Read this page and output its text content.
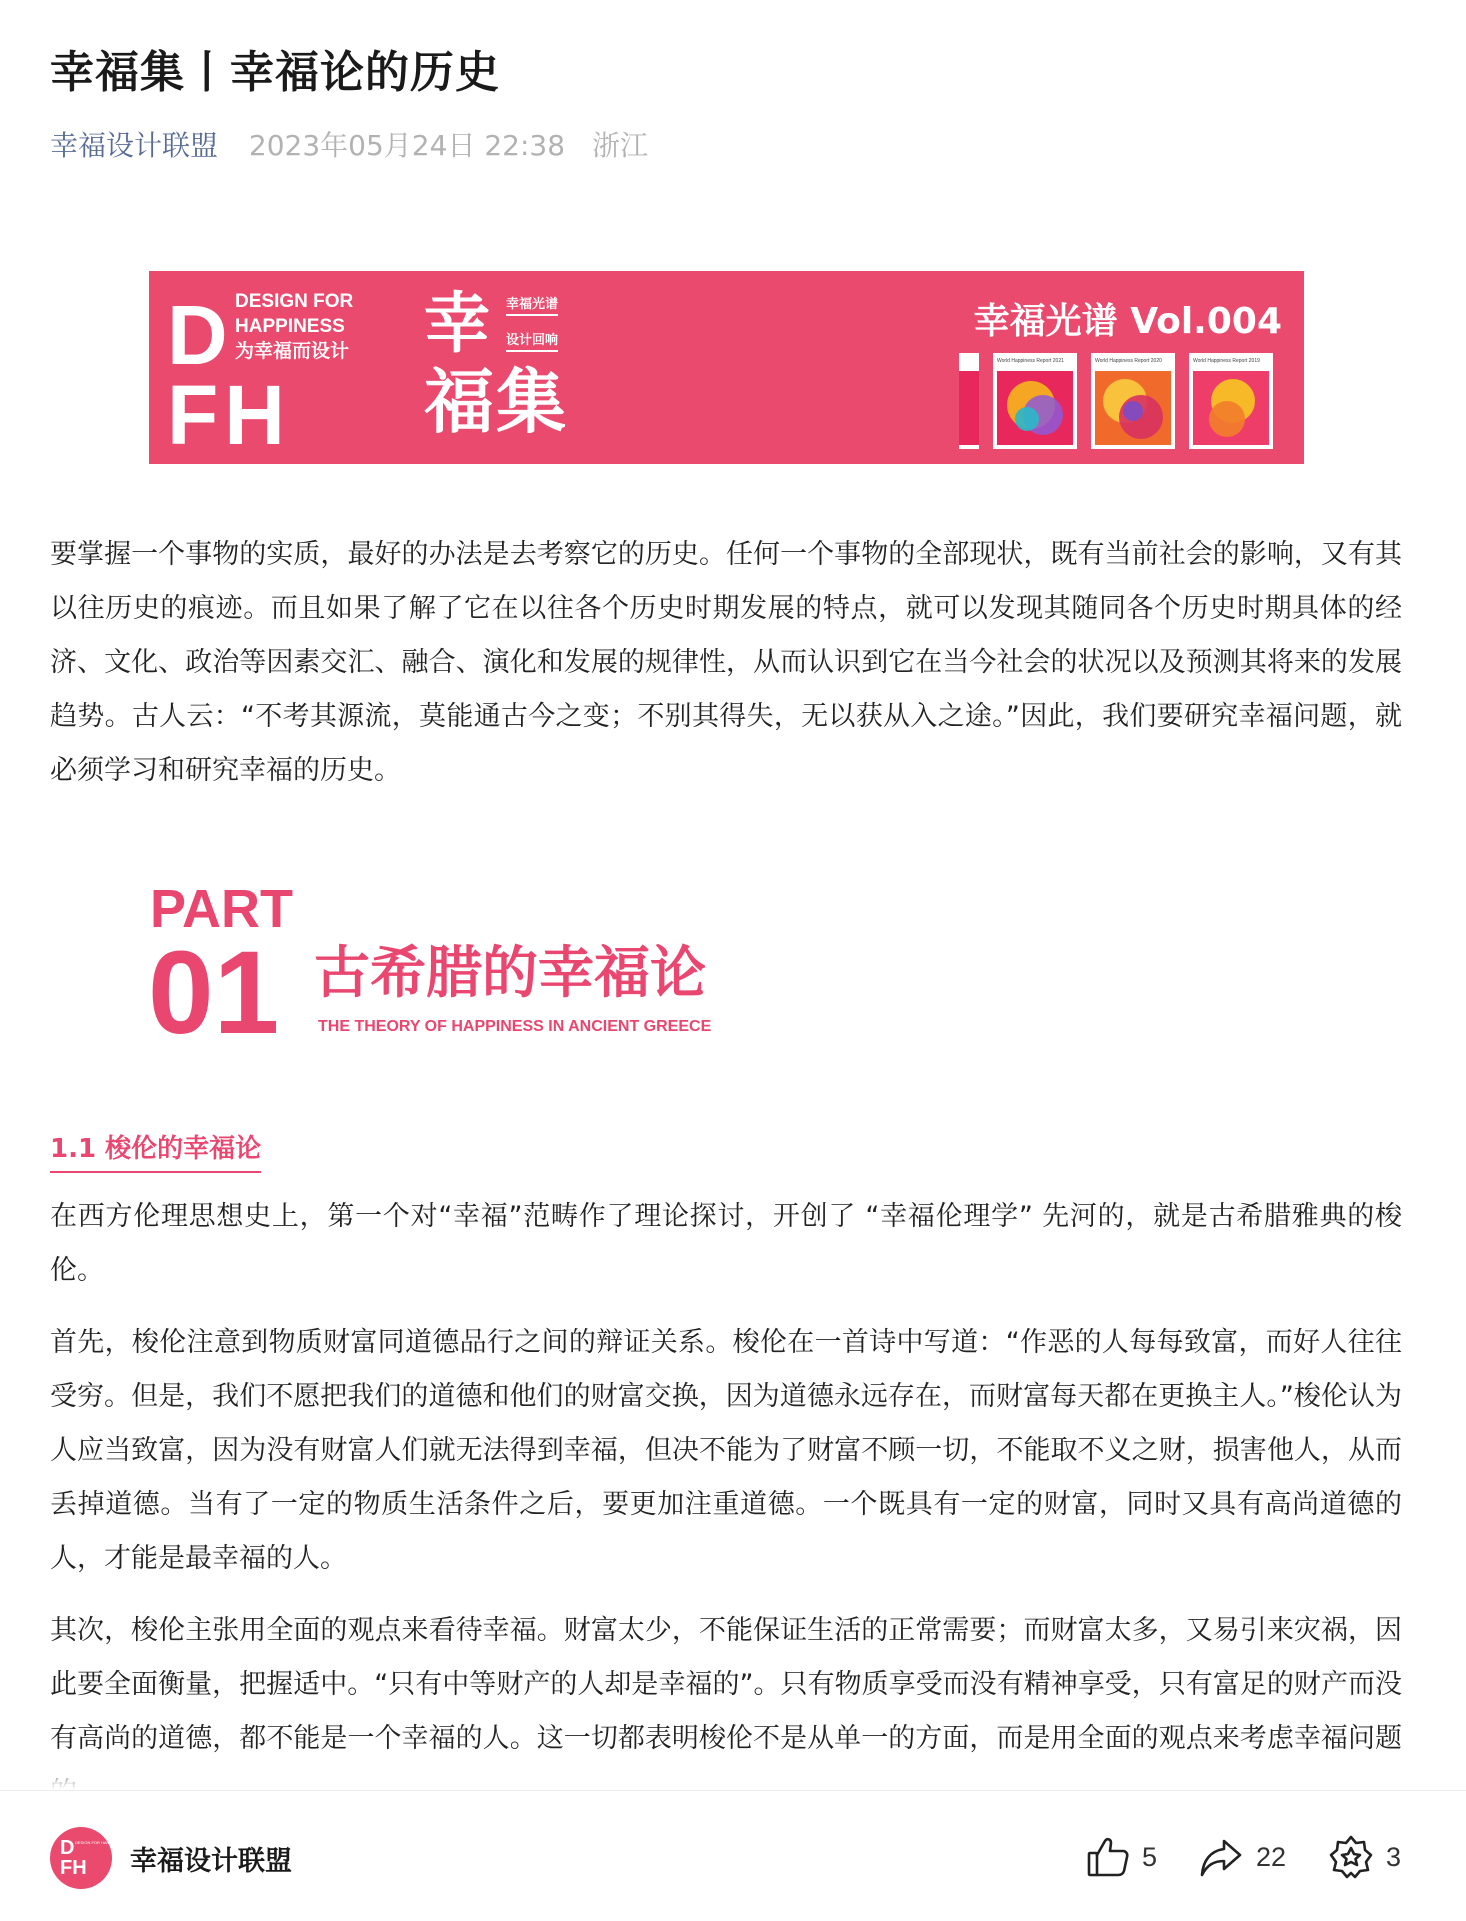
幸福集丨幸福论的历史
幸福设计联盟 2023年05月24日 22:38 浙江
D
FH
DESIGN FOR
HAPPINESS
为幸福而设计 幸
福集
幸福光谱
设计回响	幸福光谱 Vol.004
World Happiness Report 2021	World Happiness Report 2020	World Happiness Report 2019
要掌握一个事物的实质，最好的办法是去考察它的历史。任何一个事物的全部现状，既有当前社会的影响，又有其以往历史的痕迹。而且如果了解了它在以往各个历史时期发展的特点，就可以发现其随同各个历史时期具体的经济、文化、政治等因素交汇、融合、演化和发展的规律性，从而认识到它在当今社会的状况以及预测其将来的发展趋势。古人云：“不考其源流，莫能通古今之变；不别其得失，无以获从入之途。”因此，我们要研究幸福问题，就必须学习和研究幸福的历史。
PART
01 古希腊的幸福论
THE THEORY OF HAPPINESS IN ANCIENT GREECE
1.1 梭伦的幸福论
在西方伦理思想史上，第一个对“幸福”范畴作了理论探讨，开创了 “幸福伦理学” 先河的，就是古希腊雅典的梭伦。
首先，梭伦注意到物质财富同道德品行之间的辩证关系。梭伦在一首诗中写道：“作恶的人每每致富，而好人往往受穷。但是，我们不愿把我们的道德和他们的财富交换，因为道德永远存在，而财富每天都在更换主人。”梭伦认为人应当致富，因为没有财富人们就无法得到幸福，但决不能为了财富不顾一切，不能取不义之财，损害他人，从而丢掉道德。当有了一定的物质生活条件之后，要更加注重道德。一个既具有一定的财富，同时又具有高尚道德的人，才能是最幸福的人。
其次，梭伦主张用全面的观点来看待幸福。财富太少，不能保证生活的正常需要；而财富太多，又易引来灾祸，因此要全面衡量，把握适中。“只有中等财产的人却是幸福的”。只有物质享受而没有精神享受，只有富足的财产而没有高尚的道德，都不能是一个幸福的人。这一切都表明梭伦不是从单一的方面，而是用全面的观点来考虑幸福问题
D
FH
DESIGN FOR HAPPINESS 为幸福而设计
幸福设计联盟	5	22	3
